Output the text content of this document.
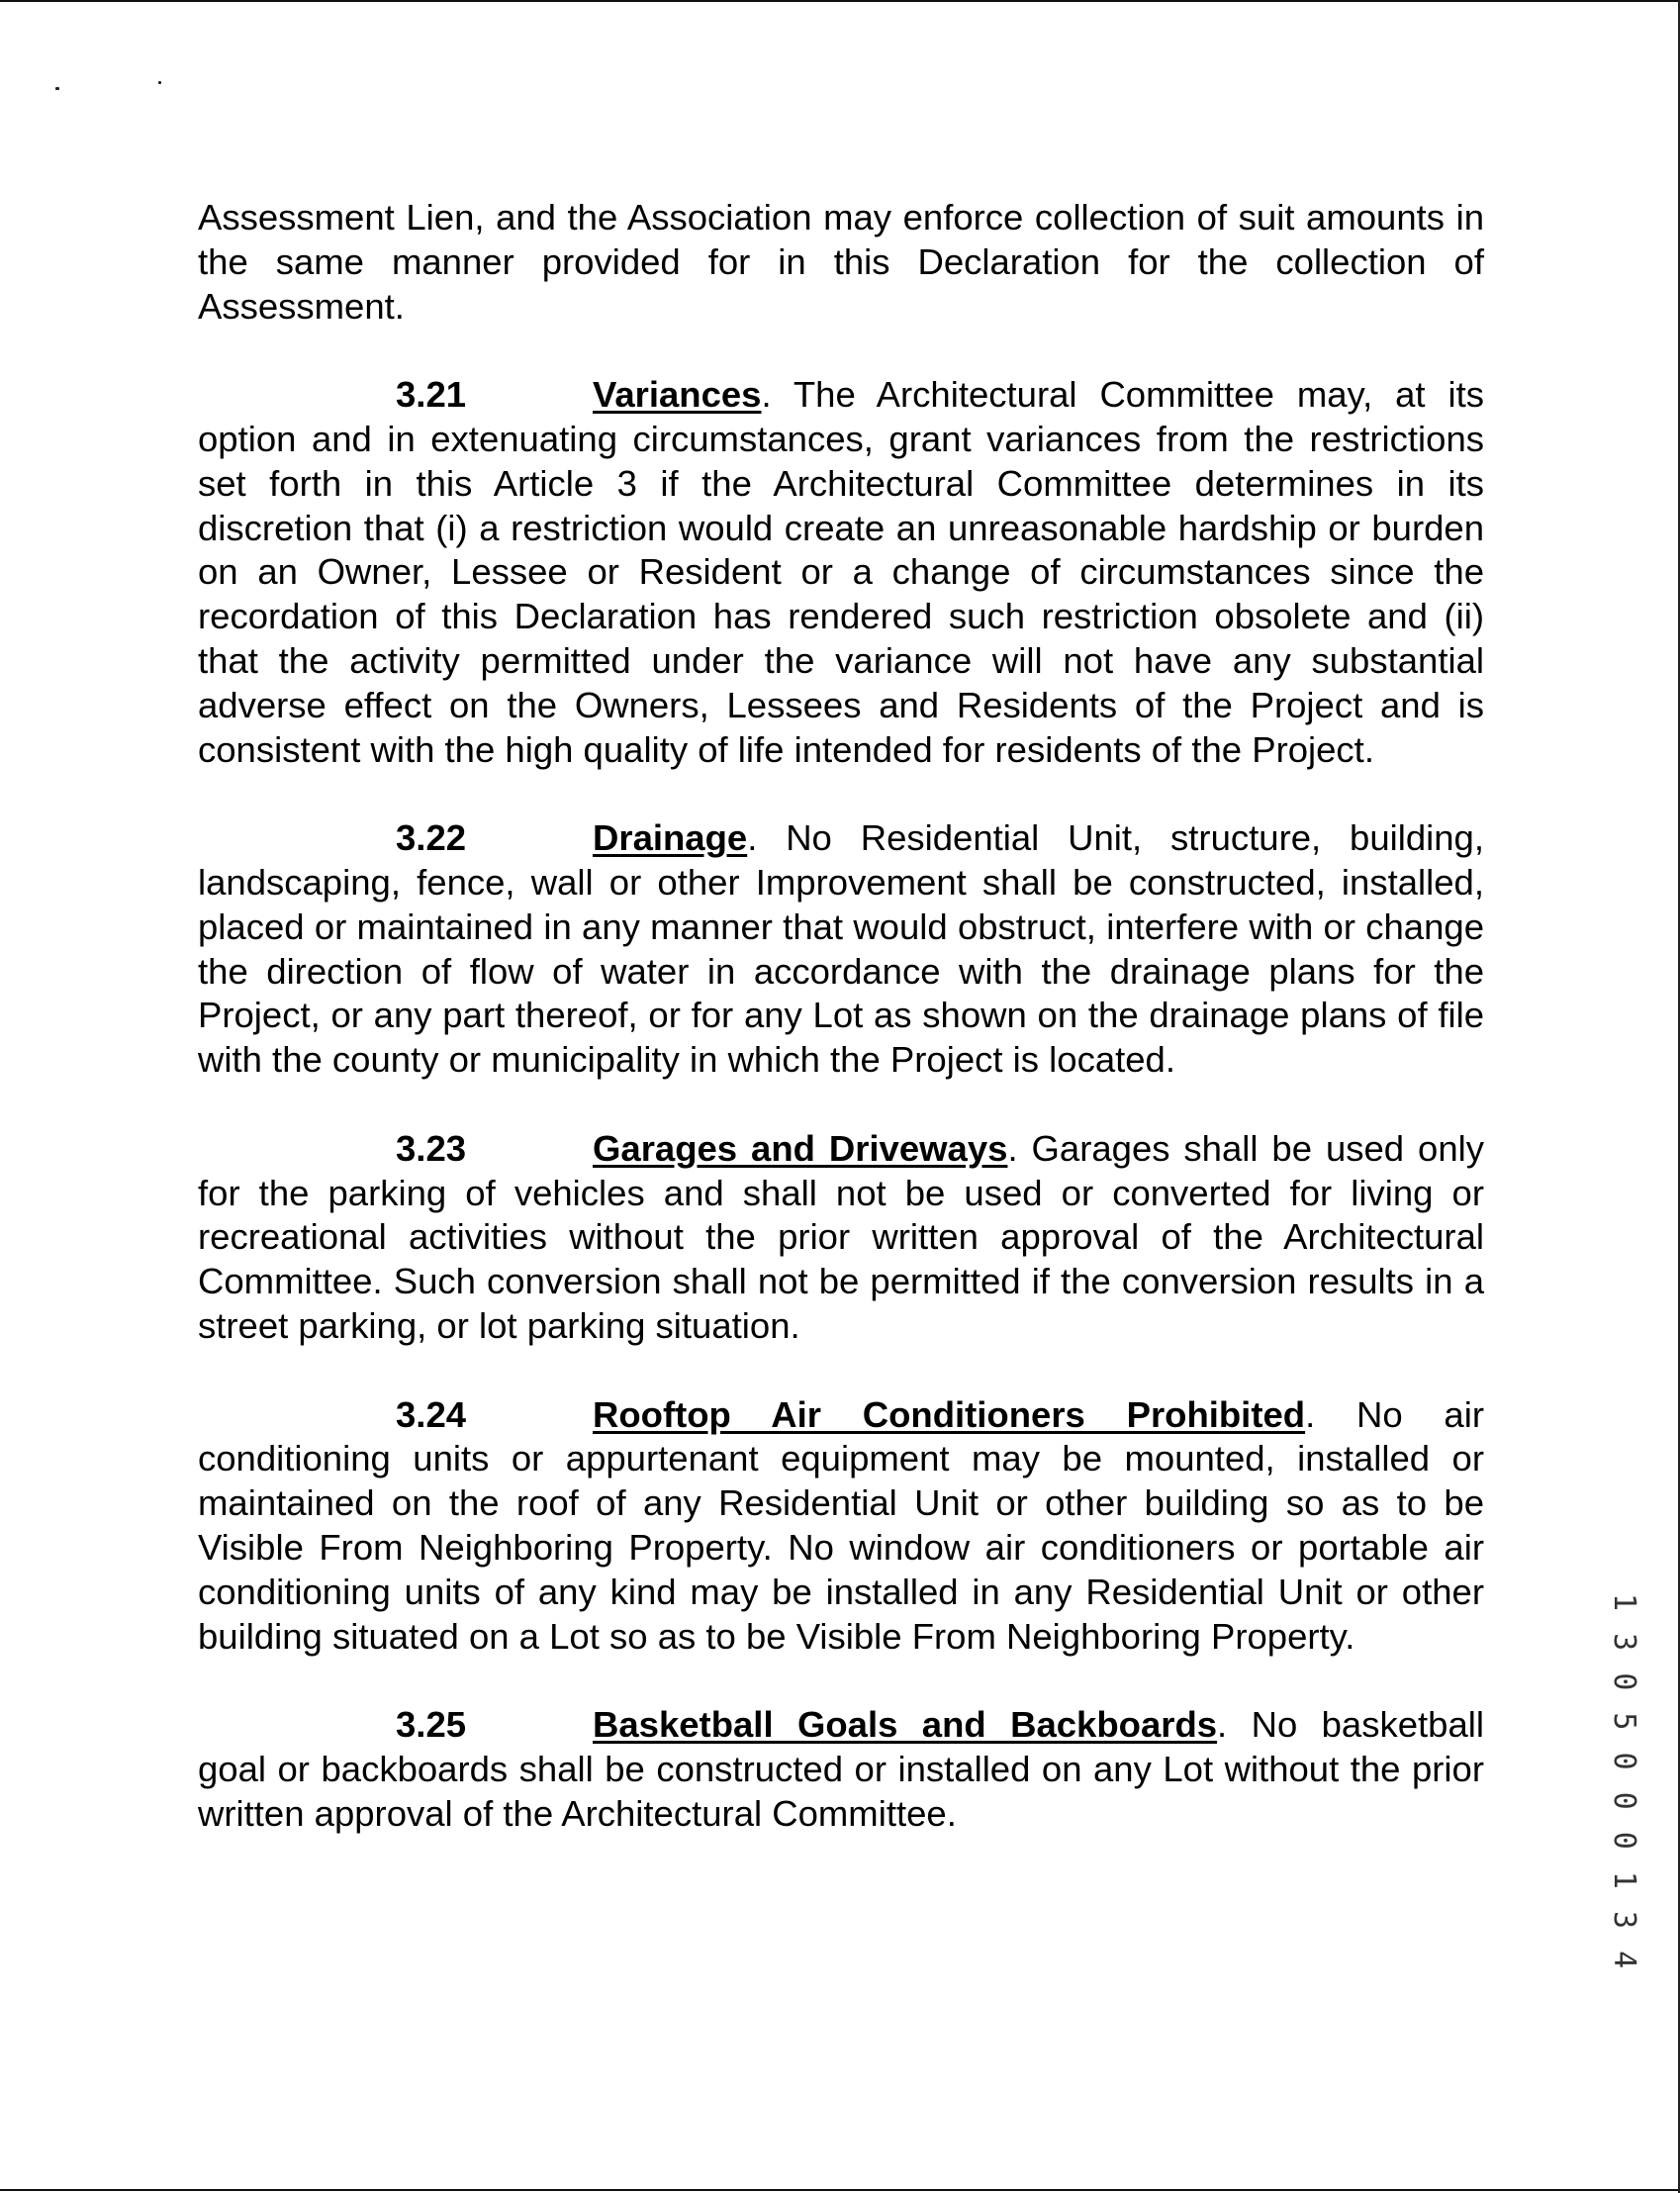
Assessment Lien, and the Association may enforce collection of suit amounts in the same manner provided for in this Declaration for the collection of Assessment.

3.21	Variances. The Architectural Committee may, at its option and in extenuating circumstances, grant variances from the restrictions set forth in this Article 3 if the Architectural Committee determines in its discretion that (i) a restriction would create an unreasonable hardship or burden on an Owner, Lessee or Resident or a change of circumstances since the recordation of this Declaration has rendered such restriction obsolete and (ii) that the activity permitted under the variance will not have any substantial adverse effect on the Owners, Lessees and Residents of the Project and is consistent with the high quality of life intended for residents of the Project.

3.22	Drainage. No Residential Unit, structure, building, landscaping, fence, wall or other Improvement shall be constructed, installed, placed or maintained in any manner that would obstruct, interfere with or change the direction of flow of water in accordance with the drainage plans for the Project, or any part thereof, or for any Lot as shown on the drainage plans of file with the county or municipality in which the Project is located.

3.23	Garages and Driveways. Garages shall be used only for the parking of vehicles and shall not be used or converted for living or recreational activities without the prior written approval of the Architectural Committee. Such conversion shall not be permitted if the conversion results in a street parking, or lot parking situation.

3.24	Rooftop Air Conditioners Prohibited. No air conditioning units or appurtenant equipment may be mounted, installed or maintained on the roof of any Residential Unit or other building so as to be Visible From Neighboring Property. No window air conditioners or portable air conditioning units of any kind may be installed in any Residential Unit or other building situated on a Lot so as to be Visible From Neighboring Property.

3.25	Basketball Goals and Backboards. No basketball goal or backboards shall be constructed or installed on any Lot without the prior written approval of the Architectural Committee.	1 3 0 5 0 0 0 1 3 4
